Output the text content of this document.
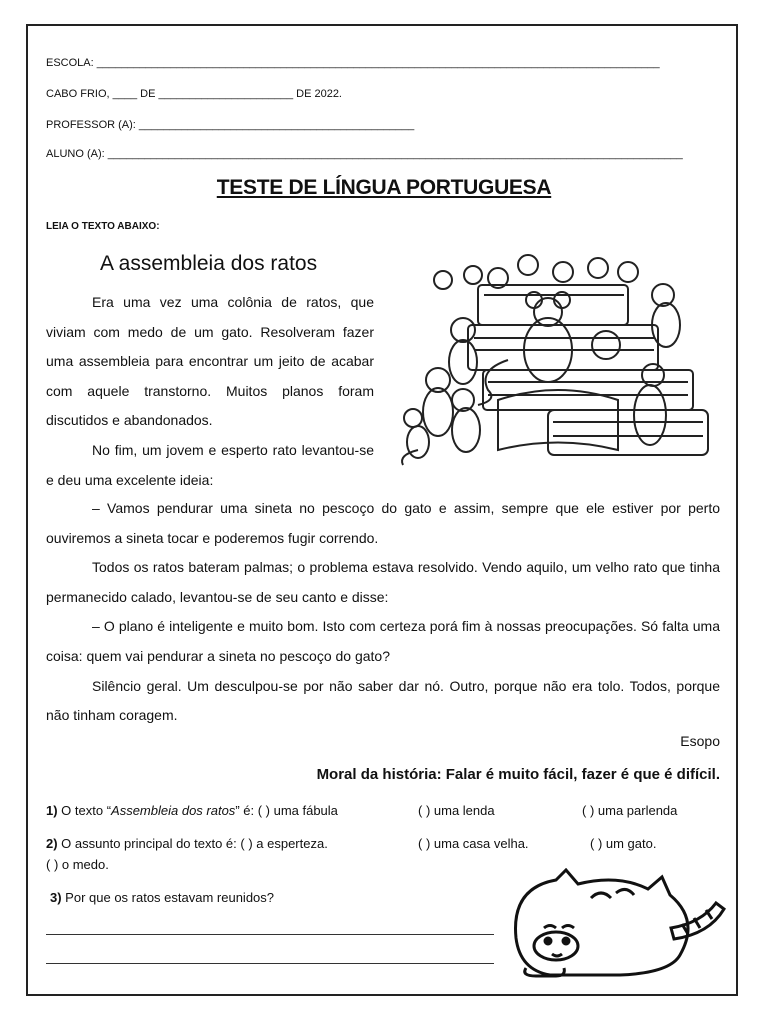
ESCOLA: ____________________________________________________________________________________________
CABO FRIO, ____ DE ______________________ DE 2022.
PROFESSOR (A): _____________________________________________
ALUNO (A): ______________________________________________________________________________________________
TESTE DE LÍNGUA PORTUGUESA
LEIA O TEXTO ABAIXO:
A assembleia dos ratos

Era uma vez uma colônia de ratos, que viviam com medo de um gato. Resolveram fazer uma assembleia para encontrar um jeito de acabar com aquele transtorno. Muitos planos foram discutidos e abandonados.

No fim, um jovem e esperto rato levantou-se e deu uma excelente ideia:

– Vamos pendurar uma sineta no pescoço do gato e assim, sempre que ele estiver por perto ouviremos a sineta tocar e poderemos fugir correndo.

Todos os ratos bateram palmas; o problema estava resolvido. Vendo aquilo, um velho rato que tinha permanecido calado, levantou-se de seu canto e disse:

– O plano é inteligente e muito bom. Isto com certeza porá fim à nossas preocupações. Só falta uma coisa: quem vai pendurar a sineta no pescoço do gato?

Silêncio geral. Um desculpou-se por não saber dar nó. Outro, porque não era tolo. Todos, porque não tinham coragem.

Esopo
Moral da história: Falar é muito fácil, fazer é que é difícil.
1) O texto “Assembleia dos ratos” é: ( ) uma fábula	( ) uma lenda	( ) uma parlenda
2) O assunto principal do texto é: ( ) a esperteza.	( ) uma casa velha.	( ) um gato.
( ) o medo.
3) Por que os ratos estavam reunidos?
